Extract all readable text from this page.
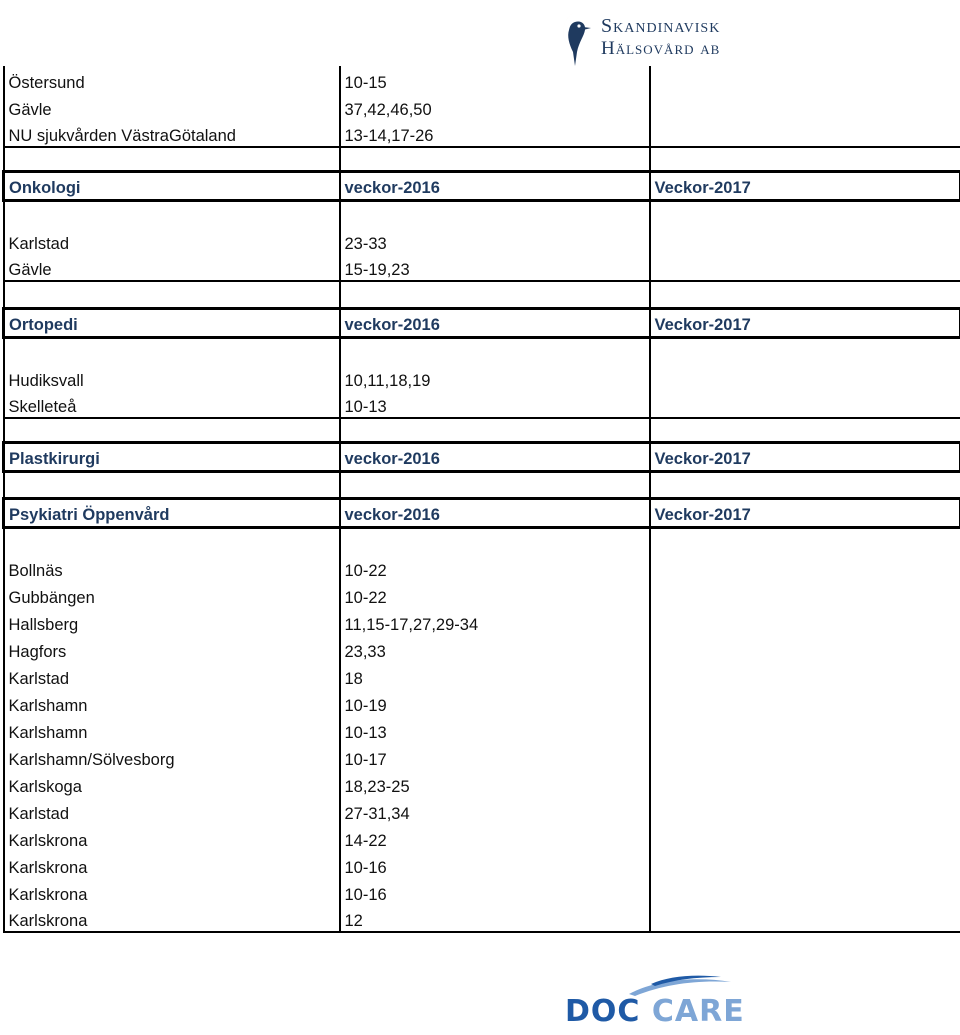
Skandinavisk
Hälsovård ab
Östersund	10-15	
Gävle	37,42,46,50	
NU sjukvården VästraGötaland	13-14,17-26	

Onkologi	veckor-2016	Veckor-2017

Karlstad	23-33	
Gävle	15-19,23	

Ortopedi	veckor-2016	Veckor-2017

Hudiksvall	10,11,18,19	
Skelleteå	10-13	

Plastkirurgi	veckor-2016	Veckor-2017

Psykiatri Öppenvård	veckor-2016	Veckor-2017

Bollnäs	10-22	
Gubbängen	10-22	
Hallsberg	11,15-17,27,29-34	
Hagfors	23,33	
Karlstad	18	
Karlshamn	10-19	
Karlshamn	10-13	
Karlshamn/Sölvesborg	10-17	
Karlskoga	18,23-25	
Karlstad	27-31,34	
Karlskrona	14-22	
Karlskrona	10-16	
Karlskrona	10-16	
Karlskrona	12	
DOC CARE
